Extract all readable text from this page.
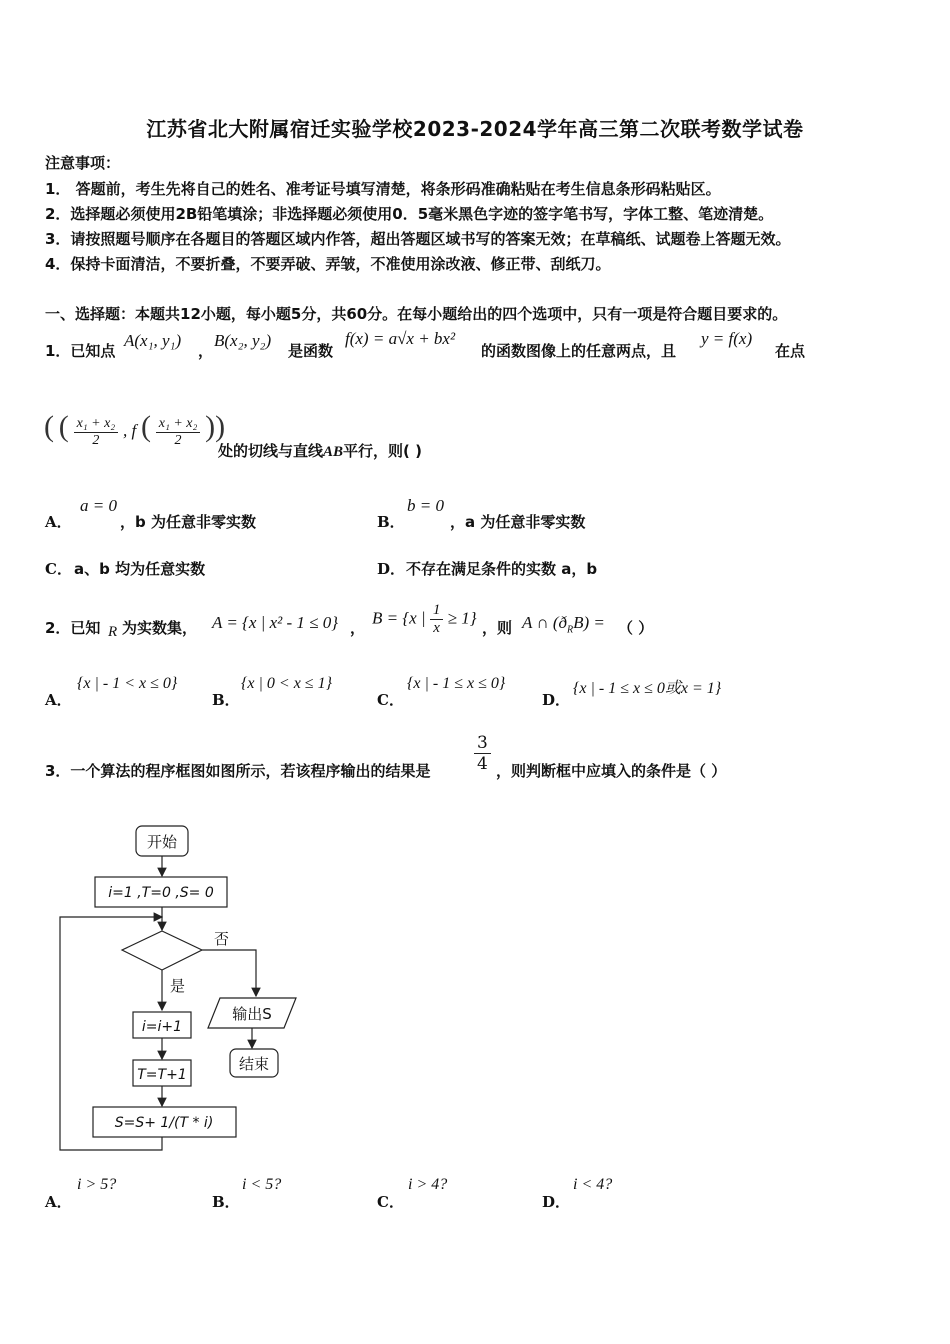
江苏省北大附属宿迁实验学校2023-2024学年高三第二次联考数学试卷
注意事项：
1． 答题前，考生先将自己的姓名、准考证号填写清楚，将条形码准确粘贴在考生信息条形码粘贴区。
2．选择题必须使用2B铅笔填涂；非选择题必须使用0．5毫米黑色字迹的签字笔书写，字体工整、笔迹清楚。
3．请按照题号顺序在各题目的答题区域内作答，超出答题区域书写的答案无效；在草稿纸、试题卷上答题无效。
4．保持卡面清洁，不要折叠，不要弄破、弄皱，不准使用涂改液、修正带、刮纸刀。
一、选择题：本题共12小题，每小题5分，共60分。在每小题给出的四个选项中，只有一项是符合题目要求的。
1．已知点
A(x₁, y₁)
，
B(x₂, y₂)
是函数
f(x) = a√x + bx²
的函数图像上的任意两点，且
y = f(x)
在点
( ( $\frac{\text{x₁ + x₂}}{2}$ , f ( $\frac{\text{x₁ + x₂}}{2}$ ))
处的切线与直线AB平行，则( )
A．
a = 0
，b 为任意非零实数	B．
b = 0
，a 为任意非零实数
C． a、b 均为任意实数	D． 不存在满足条件的实数 a，b
2．已知 R 为实数集， A = {x | x² - 1 ≤ 0} ，
B = {x | $\frac{1}{x} \ge 1$}
，则 A ∩ $(ð_RB)$ = （ ）
A．
{x | - 1 < x ≤ 0}
B．
{x | 0 < x ≤ 1}
C．
{x | - 1 ≤ x ≤ 0}
D．
{x | - 1 ≤ x ≤ 0或x = 1}
3．一个算法的程序框图如图所示，若该程序输出的结果是	$\frac{3}{4}$ ，则判断框中应填入的条件是（ ）
开始
i=1 ,T=0 ,S= 0
否
是
i=i+1
T=T+1
S=S+ 1/(T * i)
输出S
结束
A．
i > 5?
B．
i < 5?
C．
i > 4?
D．
i < 4?
